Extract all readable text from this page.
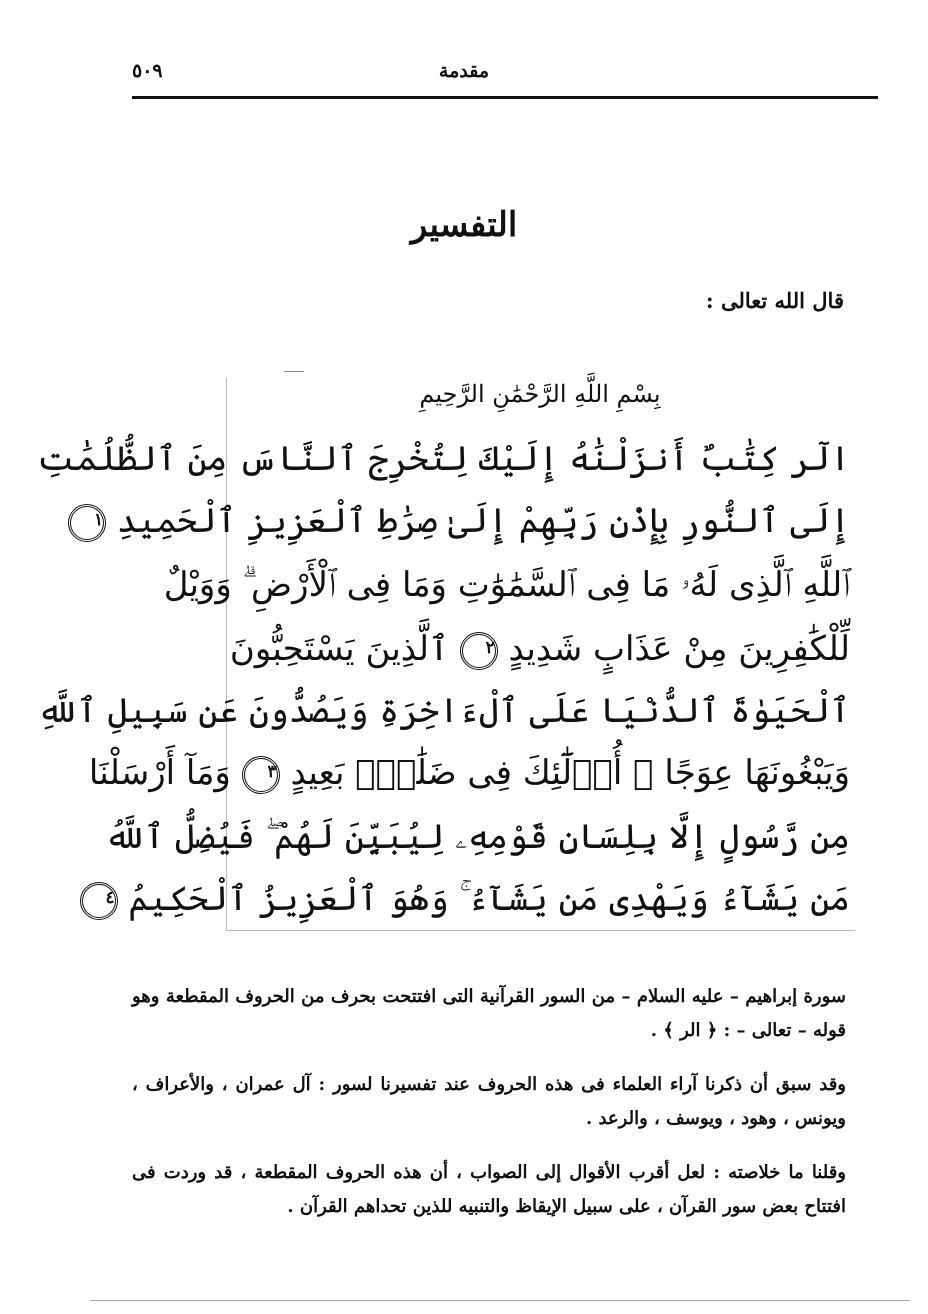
٥٠٩	مقدمة
التفسير
قال الله تعالى :
بِسْمِ اللَّهِ الرَّحْمَٰنِ الرَّحِيمِ
الٓر كِتَٰبٌ أَنزَلْنَٰهُ إِلَيْكَ لِتُخْرِجَ ٱلنَّاسَ مِنَ ٱلظُّلُمَٰتِ
إِلَى ٱلنُّورِ بِإِذْنِ رَبِّهِمْ إِلَىٰ صِرَٰطِ ٱلْعَزِيزِ ٱلْحَمِيدِ ١
ٱللَّهِ ٱلَّذِى لَهُۥ مَا فِى ٱلسَّمَٰوَٰتِ وَمَا فِى ٱلْأَرْضِ ۗ وَوَيْلٌ
لِّلْكَٰفِرِينَ مِنْ عَذَابٍ شَدِيدٍ ٢ ٱلَّذِينَ يَسْتَحِبُّونَ
ٱلْحَيَوٰةَ ٱلدُّنْيَا عَلَى ٱلْءَاخِرَةِ وَيَصُدُّونَ عَن سَبِيلِ ٱللَّهِ
وَيَبْغُونَهَا عِوَجًا ۚ أُو۟لَٰٓئِكَ فِى ضَلَٰلٍۭ بَعِيدٍ ٣ وَمَآ أَرْسَلْنَا
مِن رَّسُولٍ إِلَّا بِلِسَانِ قَوْمِهِۦ لِيُبَيِّنَ لَهُمْ ۖ فَيُضِلُّ ٱللَّهُ
مَن يَشَآءُ وَيَهْدِى مَن يَشَآءُ ۚ وَهُوَ ٱلْعَزِيزُ ٱلْحَكِيمُ ٤

سورة إبراهيم – عليه السلام – من السور القرآنية التى افتتحت بحرف من الحروف المقطعة وهو قوله – تعالى – : ﴿ الر ﴾ .

وقد سبق أن ذكرنا آراء العلماء فى هذه الحروف عند تفسيرنا لسور : آل عمران ، والأعراف ، ويونس ، وهود ، ويوسف ، والرعد .

وقلنا ما خلاصته : لعل أقرب الأقوال إلى الصواب ، أن هذه الحروف المقطعة ، قد وردت فى افتتاح بعض سور القرآن ، على سبيل الإيقاظ والتنبيه للذين تحداهم القرآن .
